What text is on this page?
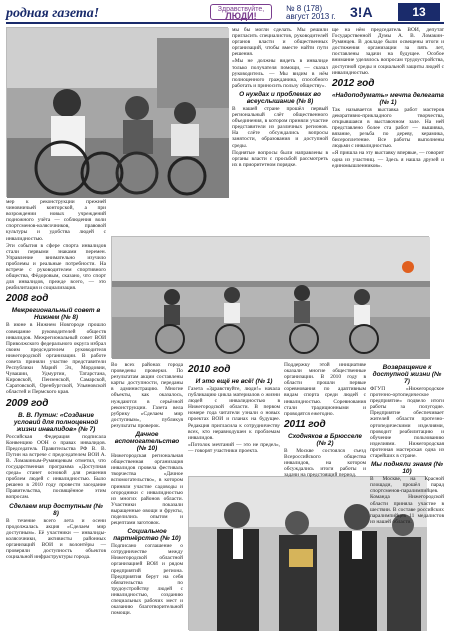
родная газета!	Здравствуйте,
ЛЮДИ!
№ 8 (178)
август 2013 г. 3!А	13
мер к реконструкции прежней чиновничьей конторской, а при возрождении новых учреждений подножного учёта — соблюдения воли спортсменов-колясочников, правовой культуры и удобства людей с инвалидностью.
Эти события в сфере спорта инвалидов стали первыми знаками перемен. Управление внимательно изучило проблемы и реальные потребности. На встрече с руководителем спортивного общества, Фёдоровым, сказано, что спорт для инвалидов, прежде всего, — это реабилитация и социализация.
2008 год
Межрегиональный совет в Нижнем (№ 8)
В июне в Нижнем Новгороде прошло совещание руководителей обществ инвалидов. Межрегиональный совет ВОИ Приволжского федерального округа избрал своим председателем руководителя нижегородской организации. В работе совета приняли участие представители Республики Марий Эл, Мордовии, Чувашии, Удмуртии, Татарстана, Кировской, Пензенской, Самарской, Саратовской, Оренбургской, Ульяновской областей и Пермского края.
2009 год
В. В. Путин: «Создание условий для полноценной жизни инвалидов» (№ 7)
Российская Федерация подписала Конвенцию ООН о правах инвалидов. Председатель Правительства РФ В. В. Путин на встрече с председателем ВОИ А. В. Ломакиным-Румянцевым отметил, что государственная программа «Доступная среда» станет основой для решения проблем людей с инвалидностью. Было решено в 2010 году провести заседание Правительства, посвящённое этим вопросам.
Сделаем мир доступным (№ 8)
В течение всего лета и осени продолжалась акция «Сделаем мир доступным». Её участники — инвалиды-колясочники, активисты районных организаций ВОИ и волонтёры — проверяли доступность объектов социальной инфраструктуры города.
Во всех районах города проведены проверки. По результатам акции составлены карты доступности, переданы в администрацию. Многие объекты, как оказалось, нуждаются в серьёзной реконструкции. Газета вела рубрику «Сделаем мир доступным», публикуя результаты проверок.
Дачное вспомогательство (№ 10)
Нижегородская региональная общественная организация инвалидов провела фестиваль творчества «Дачное вспомогательство», в котором приняли участие садоводы и огородники с инвалидностью из многих районов области. Участники показали выращенные овощи и фрукты, поделились опытом и рецептами заготовок.
Социальное партнёрство (№ 10)
Подписано соглашение о сотрудничестве между Нижегородской областной организацией ВОИ и рядом предприятий региона. Предприятия берут на себя обязательства по трудоустройству людей с инвалидностью, созданию специальных рабочих мест и оказанию благотворительной помощи.
мы бы могли сделать. Мы решили пригласить специалистов, руководителей органов власти и общественных организаций, чтобы вместе найти пути решения.
«Мы не должны видеть в инвалиде только получателя помощи, — сказал руководитель. — Мы видим в нём полноценного гражданина, способного работать и приносить пользу обществу».
О нуждах и проблемах во всеуслышание (№ 8)
В нашей стране прошёл первый региональный слёт общественного объединения, в котором приняли участие представители из различных регионов. На слёте обсуждались вопросы занятости, образования и доступной среды.
Поднятые вопросы были направлены в органы власти с просьбой рассмотреть их в приоритетном порядке.
2010 год
И это ещё не всё! (№ 1)
Газета «Здравствуйте, люди!» начала публикацию цикла материалов о жизни людей с инвалидностью в Нижегородской области. В первом номере года читатели узнали о новых проектах ВОИ и планах на будущее. Редакция пригласила к сотрудничеству всех, кто неравнодушен к проблемам инвалидов.
«Потолок мечтаний — это не предел», — говорят участники проекта.
Поддержку этой инициативе оказали многие общественные организации. В 2010 году в области прошли первые соревнования по адаптивным видам спорта среди людей с инвалидностью. Соревнования стали традиционными и проводятся ежегодно.
2011 год
Сходняков в Брюсселе (№ 2)
В Москве состоялся съезд Всероссийского общества инвалидов, на котором обсуждались итоги работы и задачи на предстоящий период.
ще на нём председатель ВОИ, депутат Государственной Думы А. В. Ломакин-Румянцев. В докладе были освещены итоги и достижения организации за пять лет, поставлены задачи на будущее. Особое внимание уделялось вопросам трудоустройства, доступной среды и социальной защиты людей с инвалидностью.
2012 год
«Надоподумать» мечта делегата (№ 1)
Так называется выставка работ мастеров декоративно-прикладного творчества, открывшаяся в выставочном зале. На ней представлено более ста работ — вышивка, вязание, резьба по дереву, керамика, бисероплетение. Все работы выполнены людьми с инвалидностью.
«Я пришла на эту выставку впервые, — говорит одна из участниц. — Здесь я нашла друзей и единомышленников».
Возвращение к доступной жизни (№ 7)
ФГУП «Нижегородское протезно-ортопедическое предприятие» подвело итоги работы за полугодие. Предприятие обеспечивает жителей области протезно-ортопедическими изделиями, проводит реабилитацию и обучение пользованию изделиями. Нижегородская протезная мастерская одна из старейших в стране.
Мы подняли знамя (№ 10)
В Москве, на Красной площади, прошёл парад спортсменов-паралимпийцев. Команда Нижегородской области приняла участие в шествии. В составе российских паралимпийцев 11 медалистов из нашей области.
